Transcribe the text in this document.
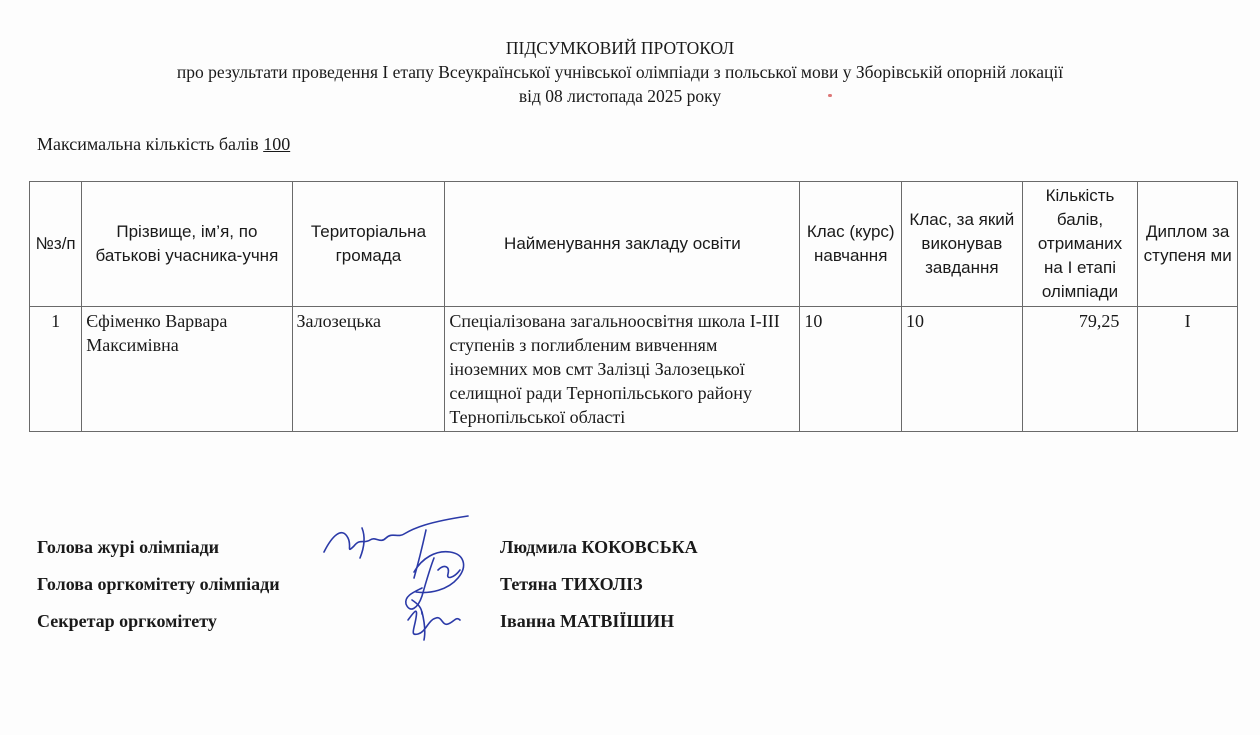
ПІДСУМКОВИЙ ПРОТОКОЛ
про результати проведення І етапу Всеукраїнської учнівської олімпіади з польської мови у Зборівській опорній локації
від 08 листопада 2025 року
Максимальна кількість балів 100
№з/п	Прізвище, ім’я, по батькові учасника-учня	Територіальна громада	Найменування закладу освіти	Клас (курс) навчання	Клас, за який виконував завдання	Кількість балів, отриманих на І етапі олімпіади	Диплом за ступеня ми
1	Єфіменко Варвара Максимівна	Залозецька	Спеціалізована загальноосвітня школа І-ІІІ ступенів з поглибленим вивченням іноземних мов смт Залізці Залозецької селищної ради Тернопільського району Тернопільської області	10	10	79,25	І
Голова журі олімпіади	Людмила КОКОВСЬКА
Голова оргкомітету олімпіади	Тетяна ТИХОЛІЗ
Секретар оргкомітету	Іванна МАТВІЇШИН
